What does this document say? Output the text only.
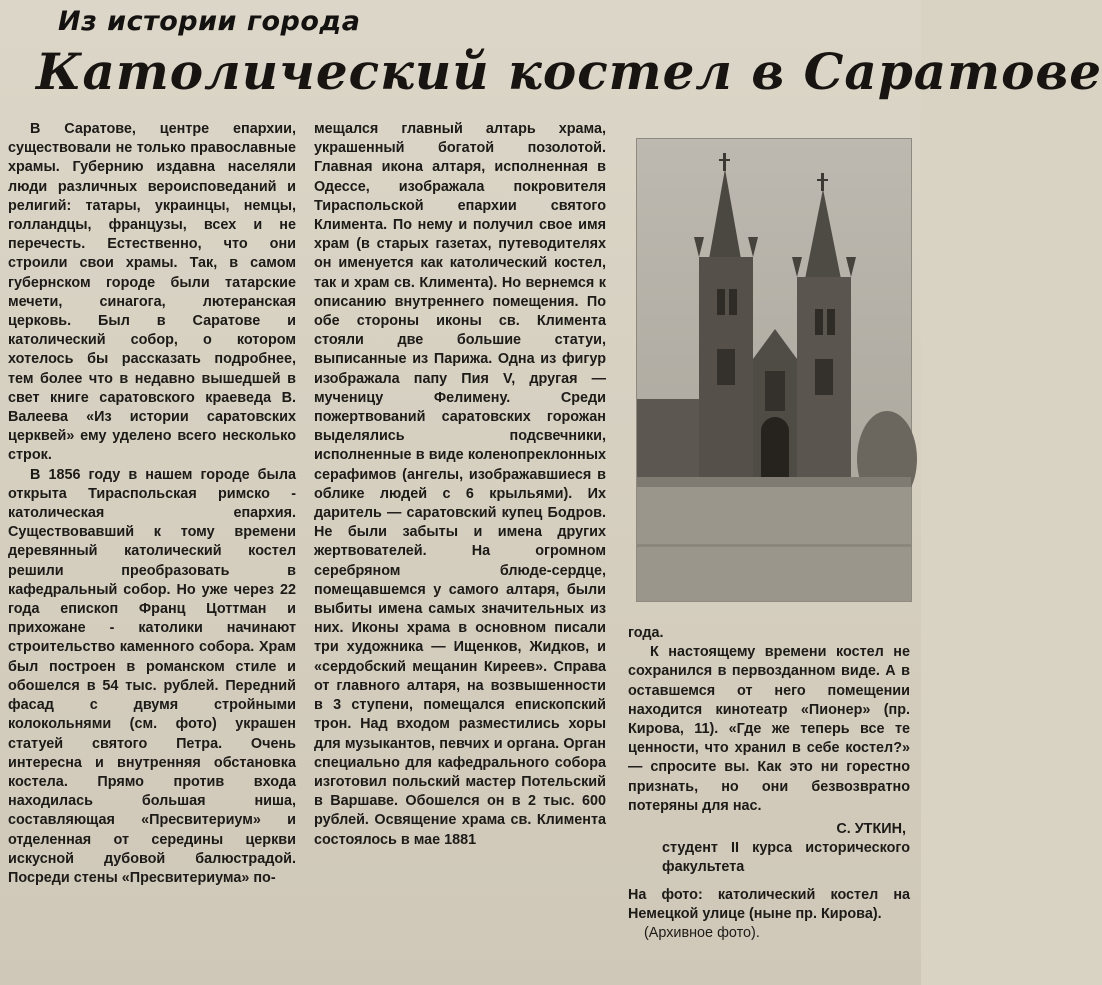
Из истории города
Католический костел в Саратове

В Саратове, центре епархии, существовали не только православные храмы. Губернию издавна населяли люди различных вероисповеданий и религий: татары, украинцы, немцы, голландцы, французы, всех и не перечесть. Естественно, что они строили свои храмы. Так, в самом губернском городе были татарские мечети, синагога, лютеранская церковь. Был в Саратове и католический собор, о котором хотелось бы рассказать подробнее, тем более что в недавно вышедшей в свет книге саратовского краеведа В. Валеева «Из истории саратовских церквей» ему уделено всего несколько строк.

В 1856 году в нашем городе была открыта Тираспольская римско - католическая епархия. Существовавший к тому времени деревянный католический костел решили преобразовать в кафедральный собор. Но уже через 22 года епископ Франц Цоттман и прихожане - католики начинают строительство каменного собора. Храм был построен в романском стиле и обошелся в 54 тыс. рублей. Передний фасад с двумя стройными колокольнями (см. фото) украшен статуей святого Петра. Очень интересна и внутренняя обстановка костела. Прямо против входа находилась большая ниша, составляющая «Пресвитериум» и отделенная от середины церкви искусной дубовой балюстрадой. Посреди стены «Пресвитериума» по-

мещался главный алтарь храма, украшенный богатой позолотой. Главная икона алтаря, исполненная в Одессе, изображала покровителя Тираспольской епархии святого Климента. По нему и получил свое имя храм (в старых газетах, путеводителях он именуется как католический костел, так и храм св. Климента). Но вернемся к описанию внутреннего помещения. По обе стороны иконы св. Климента стояли две большие статуи, выписанные из Парижа. Одна из фигур изображала папу Пия V, другая — мученицу Фелимену. Среди пожертвований саратовских горожан выделялись подсвечники, исполненные в виде коленопреклонных серафимов (ангелы, изображавшиеся в облике людей с 6 крыльями). Их даритель — саратовский купец Бодров. Не были забыты и имена других жертвователей. На огромном серебряном блюде-сердце, помещавшемся у самого алтаря, были выбиты имена самых значительных из них. Иконы храма в основном писали три художника — Ищенков, Жидков, и «сердобский мещанин Киреев». Справа от главного алтаря, на возвышенности в 3 ступени, помещался епископский трон. Над входом разместились хоры для музыкантов, певчих и органа. Орган специально для кафедрального собора изготовил польский мастер Потельский в Варшаве. Обошелся он в 2 тыс. 600 рублей. Освящение храма св. Климента состоялось в мае 1881

года.

К настоящему времени костел не сохранился в первозданном виде. А в оставшемся от него помещении находится кинотеатр «Пионер» (пр. Кирова, 11). «Где же теперь все те ценности, что хранил в себе костел?» — спросите вы. Как это ни горестно признать, но они безвозвратно потеряны для нас.

С. УТКИН,
студент II курса исторического факультета

На фото: католический костел на Немецкой улице (ныне пр. Кирова).

(Архивное фото).
